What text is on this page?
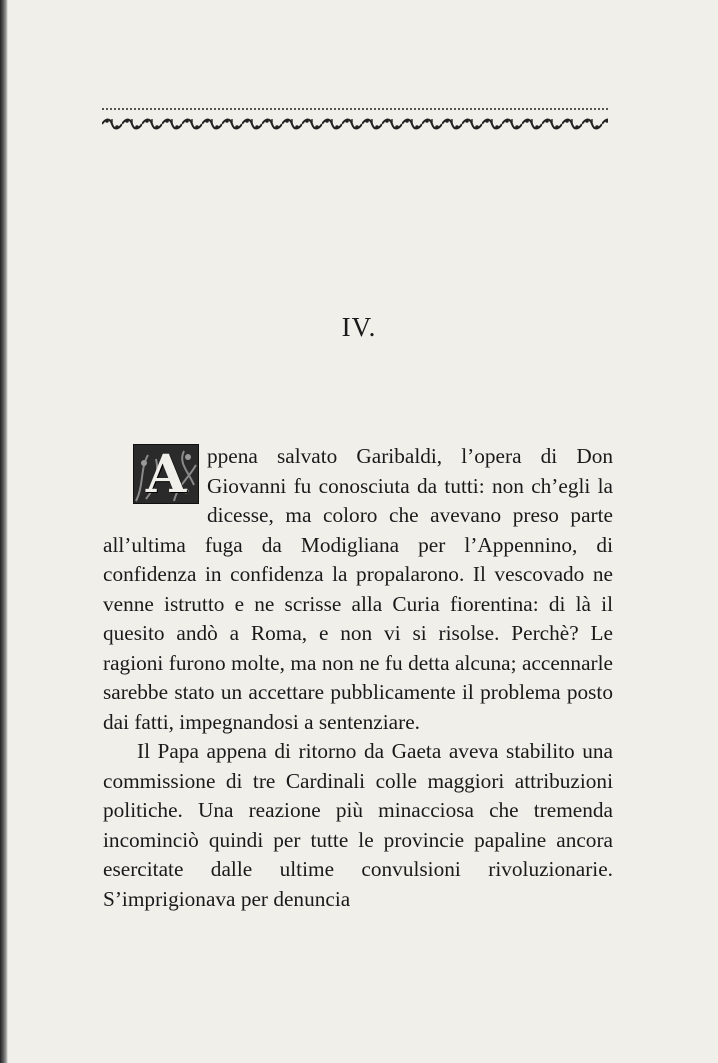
IV.

A ppena salvato Garibaldi, l’opera di Don Giovanni fu conosciuta da tutti: non ch’egli la dicesse, ma coloro che avevano preso parte all’ultima fuga da Modigliana per l’Appennino, di confidenza in confidenza la propalarono. Il vescovado ne venne istrutto e ne scrisse alla Curia fiorentina: di là il quesito andò a Roma, e non vi si risolse. Perchè? Le ragioni furono molte, ma non ne fu detta alcuna; accennarle sarebbe stato un accettare pubblicamente il problema posto dai fatti, impegnandosi a sentenziare.

Il Papa appena di ritorno da Gaeta aveva stabilito una commissione di tre Cardinali colle maggiori attribuzioni politiche. Una reazione più minacciosa che tremenda incominciò quindi per tutte le provincie papaline ancora esercitate dalle ultime convulsioni rivoluzionarie. S’imprigionava per denuncia
